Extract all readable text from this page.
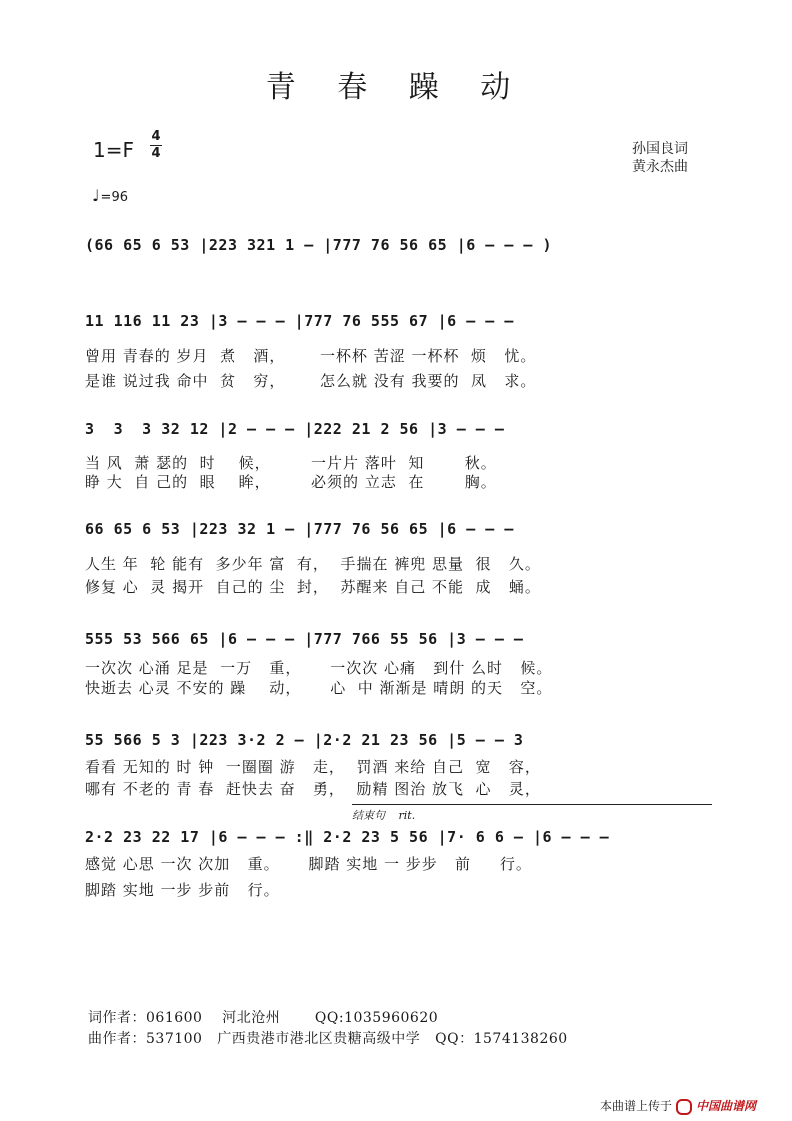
青 春 躁 动
1=F
4
4	孙国良词
黄永杰曲
♩=96
(66 65 6 53 |223 321 1 – |777 76 56 65 |6 – – – )
11 116 11 23 |3 – – – |777 76 555 67 |6 – – –
曾用 青春的 岁月  煮   酒，      一杯杯 苦涩 一杯杯  烦   忧。
是谁 说过我 命中  贫   穷，      怎么就 没有 我要的  凤   求。
3  3  3 32 12 |2 – – – |222 21 2 56 |3 – – –
当 风  萧 瑟的  时    候，       一片片 落叶  知       秋。
睁 大  自 己的  眼    眸，       必须的 立志  在       胸。
66 65 6 53 |223 32 1 – |777 76 56 65 |6 – – –
人生 年  轮 能有  多少年 富  有，  手揣在 裤兜 思量  很   久。
修复 心  灵 揭开  自己的 尘  封，  苏醒来 自己 不能  成   蛹。
555 53 566 65 |6 – – – |777 766 55 56 |3 – – –
一次次 心涌 足是  一万   重，     一次次 心痛   到什 么时   候。
快逝去 心灵 不安的 躁    动，     心  中 渐渐是 晴朗 的天   空。
55 566 5 3 |223 3·2 2 – |2·2 21 23 56 |5 – – 3
看看 无知的 时 钟  一圈圈 游   走，  罚酒 来给 自己  宽   容，
哪有 不老的 青 春  赶快去 奋   勇，  励精 图治 放飞  心   灵，
结束句 rit.
2·2 23 22 17 |6 – – – :‖ 2·2 23 5 56 |7· 6 6 – |6 – – –
感觉 心思 一次 次加   重。     脚踏 实地 一 步步   前     行。
脚踏 实地 一步 步前   行。
词作者：061600    河北沧州       QQ:1035960620
曲作者：537100   广西贵港市港北区贵糖高级中学   QQ：1574138260
本曲谱上传于 中国曲谱网
